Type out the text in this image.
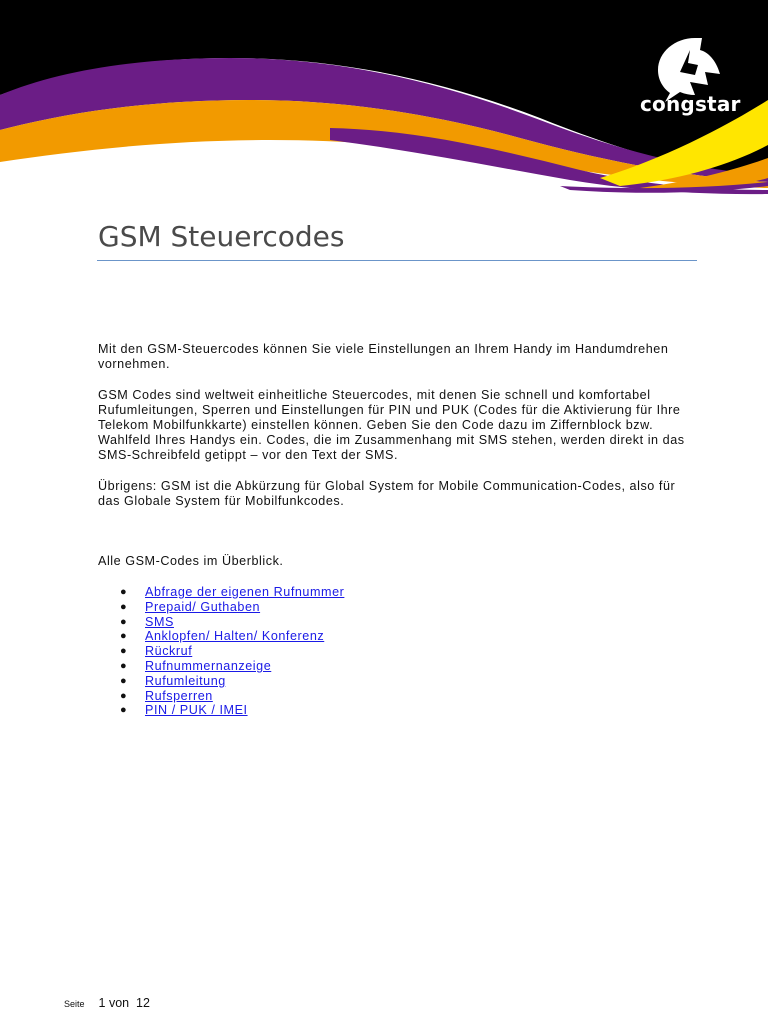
congstar
GSM Steuercodes

Mit den GSM-Steuercodes können Sie viele Einstellungen an Ihrem Handy im Handumdrehen vornehmen.

GSM Codes sind weltweit einheitliche Steuercodes, mit denen Sie schnell und komfortabel Rufumleitungen, Sperren und Einstellungen für PIN und PUK (Codes für die Aktivierung für Ihre Telekom Mobilfunkkarte) einstellen können. Geben Sie den Code dazu im Ziffernblock bzw. Wahlfeld Ihres Handys ein. Codes, die im Zusammenhang mit SMS stehen, werden direkt in das SMS-Schreibfeld getippt – vor den Text der SMS.

Übrigens: GSM ist die Abkürzung für Global System for Mobile Communication-Codes, also für das Globale System für Mobilfunkcodes.

Alle GSM-Codes im Überblick.

● Abfrage der eigenen Rufnummer
● Prepaid/ Guthaben
● SMS
● Anklopfen/ Halten/ Konferenz
● Rückruf
● Rufnummernanzeige
● Rufumleitung
● Rufsperren
● PIN / PUK / IMEI
Seite 1 von  12
